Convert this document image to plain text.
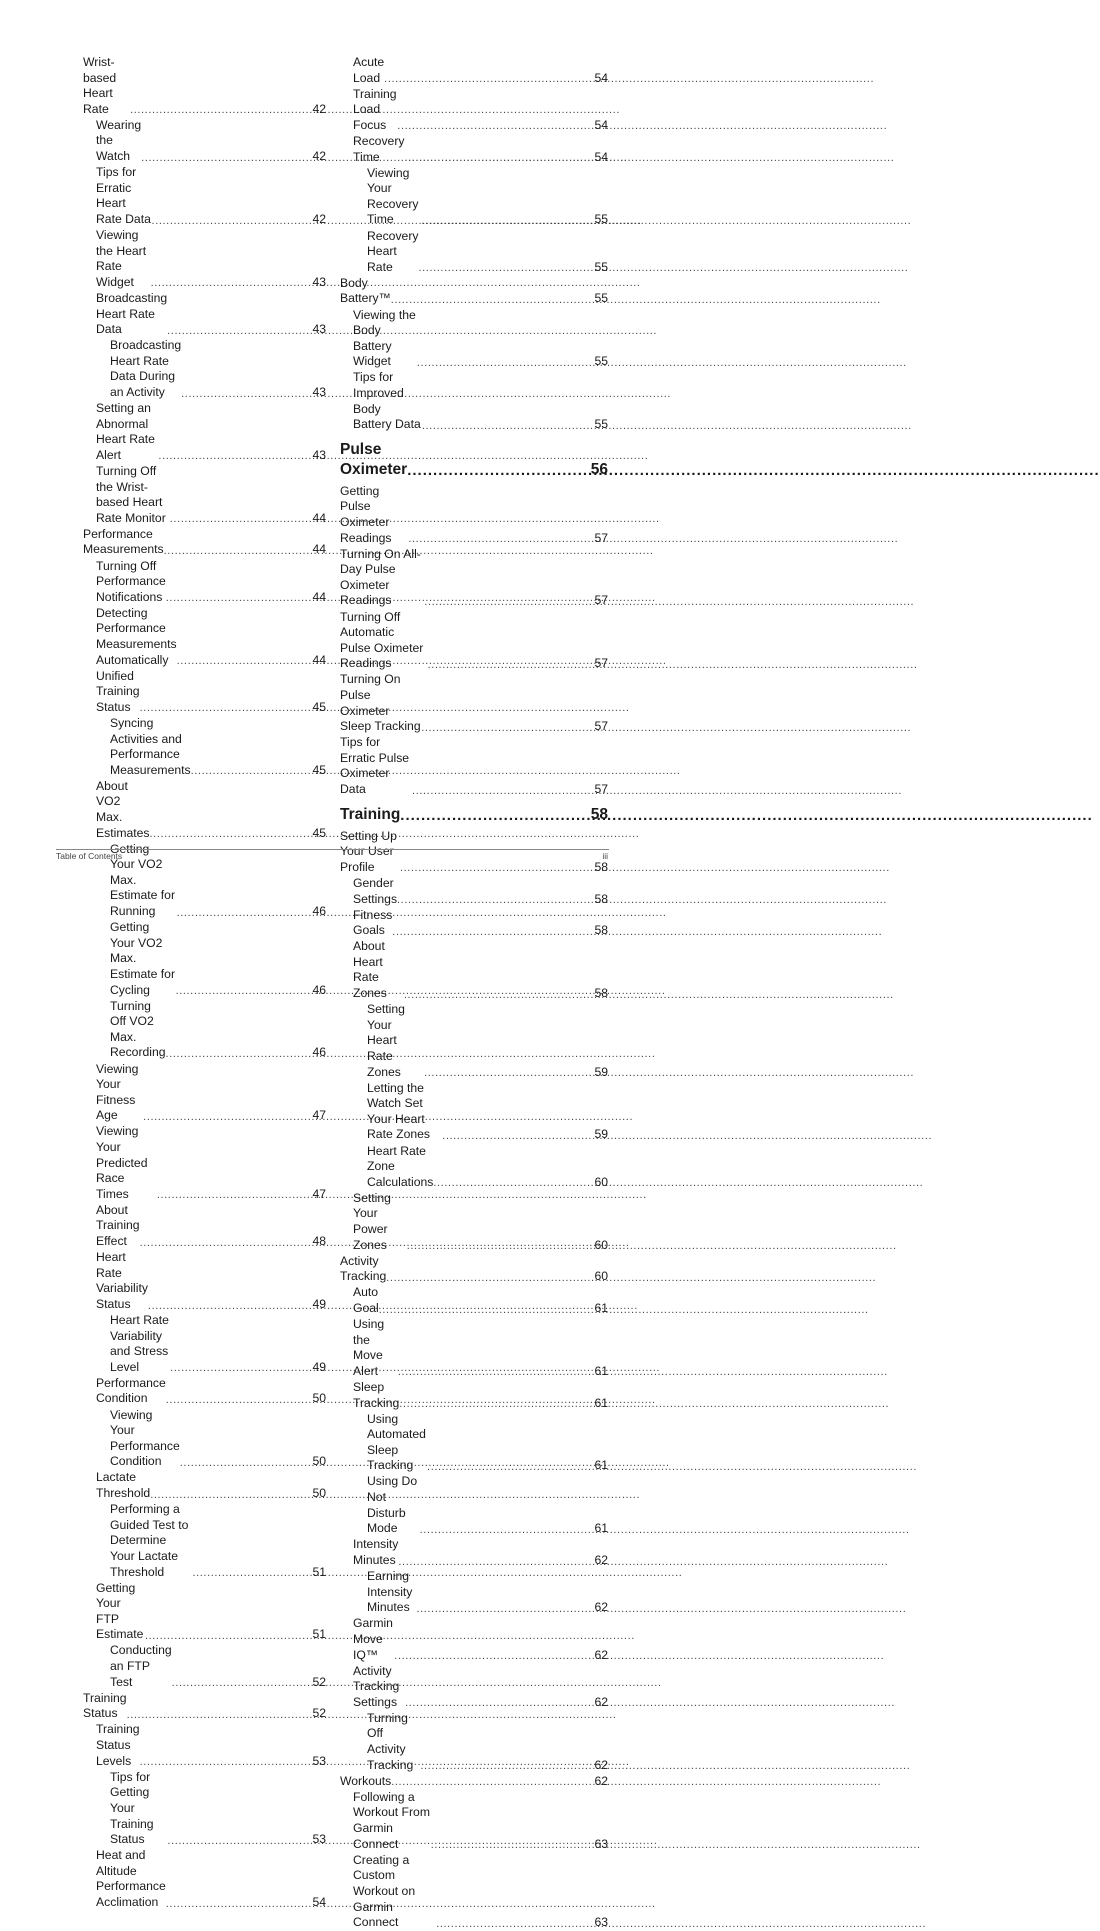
Wrist-based Heart Rate .....	42
Wearing the Watch .....	42
Tips for Erratic Heart Rate Data .....	42
Viewing the Heart Rate Widget .....	43
Broadcasting Heart Rate Data .....	43
Broadcasting Heart Rate Data During an Activity .....	43
Setting an Abnormal Heart Rate Alert .....	43
Turning Off the Wrist-based Heart Rate Monitor .....	44
Performance Measurements .....	44
Turning Off Performance Notifications .....	44
Detecting Performance Measurements Automatically .....	44
Unified Training Status .....	45
Syncing Activities and Performance Measurements .....	45
About VO2 Max. Estimates .....	45
Getting Your VO2 Max. Estimate for Running .....	46
Getting Your VO2 Max. Estimate for Cycling .....	46
Turning Off VO2 Max. Recording .....	46
Viewing Your Fitness Age .....	47
Viewing Your Predicted Race Times .....	47
About Training Effect .....	48
Heart Rate Variability Status .....	49
Heart Rate Variability and Stress Level .....	49
Performance Condition .....	50
Viewing Your Performance Condition .....	50
Lactate Threshold .....	50
Performing a Guided Test to Determine Your Lactate Threshold .....	51
Getting Your FTP Estimate .....	51
Conducting an FTP Test .....	52
Training Status .....	52
Training Status Levels .....	53
Tips for Getting Your Training Status .....	53
Heat and Altitude Performance Acclimation .....	54
Acute Load .....	54
Training Load Focus .....	54
Recovery Time .....	54
Viewing Your Recovery Time .....	55
Recovery Heart Rate .....	55
Body Battery™ .....	55
Viewing the Body Battery Widget .....	55
Tips for Improved Body Battery Data .....	55
Pulse Oximeter .....	56
Getting Pulse Oximeter Readings .....	57
Turning On All-Day Pulse Oximeter Readings .....	57
Turning Off Automatic Pulse Oximeter Readings .....	57
Turning On Pulse Oximeter Sleep Tracking .....	57
Tips for Erratic Pulse Oximeter Data .....	57
Training .....	58
Setting Up Your User Profile .....	58
Gender Settings .....	58
Fitness Goals .....	58
About Heart Rate Zones .....	58
Setting Your Heart Rate Zones .....	59
Letting the Watch Set Your Heart Rate Zones .....	59
Heart Rate Zone Calculations .....	60
Setting Your Power Zones .....	60
Activity Tracking .....	60
Auto Goal .....	61
Using the Move Alert .....	61
Sleep Tracking .....	61
Using Automated Sleep Tracking .....	61
Using Do Not Disturb Mode .....	61
Intensity Minutes .....	62
Earning Intensity Minutes .....	62
Garmin Move IQ™ .....	62
Activity Tracking Settings .....	62
Turning Off Activity Tracking .....	62
Workouts .....	62
Following a Workout From Garmin Connect .....	63
Creating a Custom Workout on Garmin Connect .....	63
Table of Contents	iii
